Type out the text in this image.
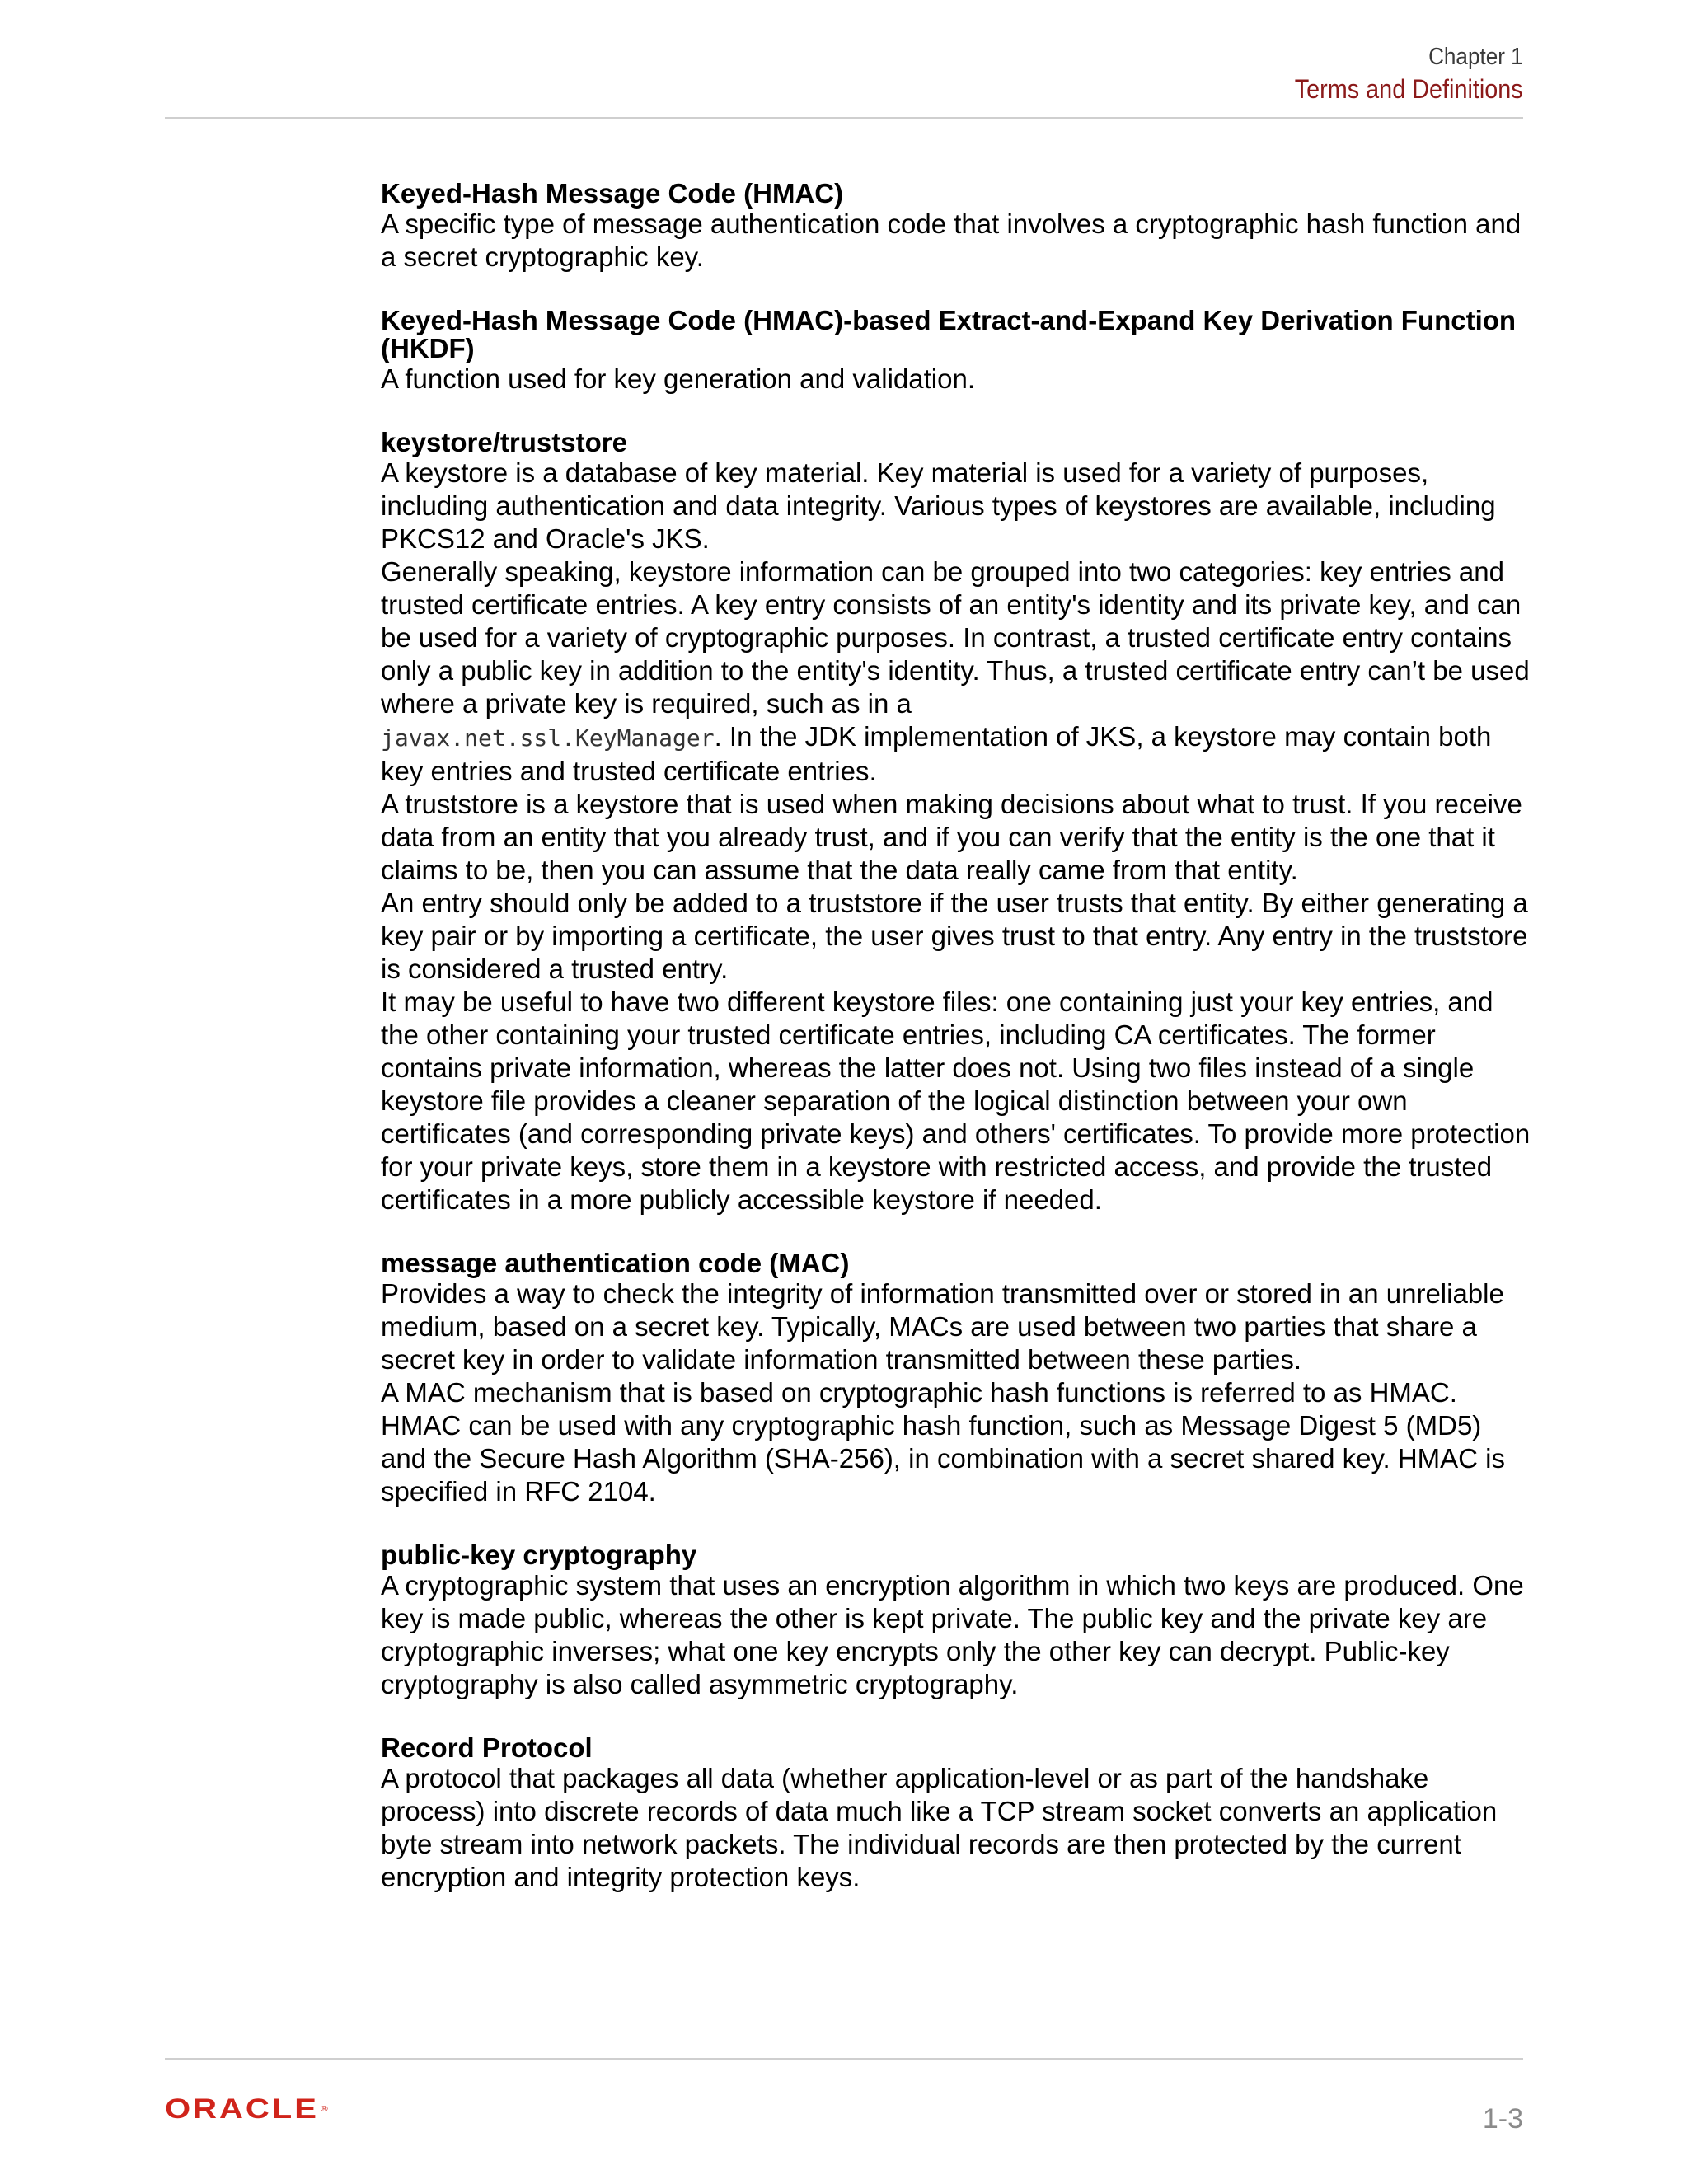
Chapter 1
Terms and Definitions
Keyed-Hash Message Code (HMAC)

A specific type of message authentication code that involves a cryptographic hash function and a secret cryptographic key.

Keyed-Hash Message Code (HMAC)-based Extract-and-Expand Key Derivation Function (HKDF)

A function used for key generation and validation.

keystore/truststore

A keystore is a database of key material. Key material is used for a variety of purposes, including authentication and data integrity. Various types of keystores are available, including PKCS12 and Oracle's JKS.

Generally speaking, keystore information can be grouped into two categories: key entries and trusted certificate entries. A key entry consists of an entity's identity and its private key, and can be used for a variety of cryptographic purposes. In contrast, a trusted certificate entry contains only a public key in addition to the entity's identity. Thus, a trusted certificate entry can’t be used where a private key is required, such as in a
javax.net.ssl.KeyManager. In the JDK implementation of JKS, a keystore may contain both key entries and trusted certificate entries.

A truststore is a keystore that is used when making decisions about what to trust. If you receive data from an entity that you already trust, and if you can verify that the entity is the one that it claims to be, then you can assume that the data really came from that entity.

An entry should only be added to a truststore if the user trusts that entity. By either generating a key pair or by importing a certificate, the user gives trust to that entry. Any entry in the truststore is considered a trusted entry.

It may be useful to have two different keystore files: one containing just your key entries, and the other containing your trusted certificate entries, including CA certificates. The former contains private information, whereas the latter does not. Using two files instead of a single keystore file provides a cleaner separation of the logical distinction between your own certificates (and corresponding private keys) and others' certificates. To provide more protection for your private keys, store them in a keystore with restricted access, and provide the trusted certificates in a more publicly accessible keystore if needed.

message authentication code (MAC)

Provides a way to check the integrity of information transmitted over or stored in an unreliable medium, based on a secret key. Typically, MACs are used between two parties that share a secret key in order to validate information transmitted between these parties.

A MAC mechanism that is based on cryptographic hash functions is referred to as HMAC. HMAC can be used with any cryptographic hash function, such as Message Digest 5 (MD5) and the Secure Hash Algorithm (SHA-256), in combination with a secret shared key. HMAC is specified in RFC 2104.

public-key cryptography

A cryptographic system that uses an encryption algorithm in which two keys are produced. One key is made public, whereas the other is kept private. The public key and the private key are cryptographic inverses; what one key encrypts only the other key can decrypt. Public-key cryptography is also called asymmetric cryptography.

Record Protocol

A protocol that packages all data (whether application-level or as part of the handshake process) into discrete records of data much like a TCP stream socket converts an application byte stream into network packets. The individual records are then protected by the current encryption and integrity protection keys.

ORACLE ®	1-3
